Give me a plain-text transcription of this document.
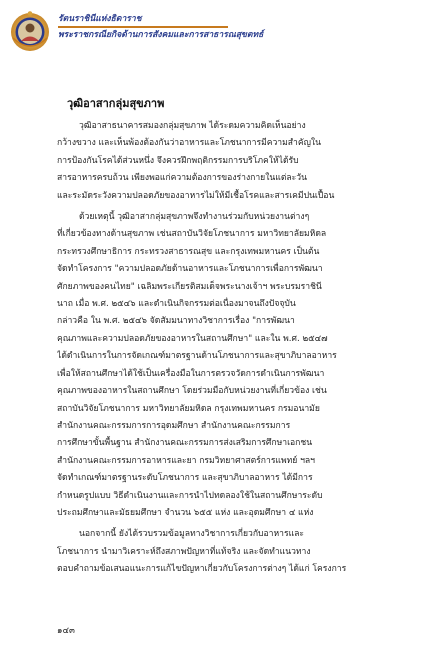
รัตนราชินีแห่งธิดาราช
พระราชกรณียกิจด้านการสังคมและการสาธารณสุขตทธ์
วุฒิอาสากลุ่มสุขภาพ
วุฒิอาสาธนาคารสมองกลุ่มสุขภาพ ได้ระดมความคิดเห็นอย่าง
กว้างขวาง และเห็นพ้องต้องกันว่าอาหารและโภชนาการมีความสำคัญใน
การป้องกันโรคได้ส่วนหนึ่ง จึงควรฝึกพฤติกรรมการบริโภคให้ได้รับ
สารอาหารครบถ้วน เพียงพอแก่ความต้องการของร่างกายในแต่ละวัน
และระมัดระวังความปลอดภัยของอาหารไม่ให้มีเชื้อโรคและสารเคมีปนเปื้อน
ด้วยเหตุนี้ วุฒิอาสากลุ่มสุขภาพจึงทำงานร่วมกับหน่วยงานต่างๆ
ที่เกี่ยวข้องทางด้านสุขภาพ เช่นสถาบันวิจัยโภชนาการ มหาวิทยาลัยมหิดล
กระทรวงศึกษาธิการ กระทรวงสาธารณสุข และกรุงเทพมหานคร เป็นต้น
จัดทำโครงการ "ความปลอดภัยด้านอาหารและโภชนาการเพื่อการพัฒนา
ศักยภาพของคนไทย" เฉลิมพระเกียรติสมเด็จพระนางเจ้าฯ พระบรมราชินี
นาถ เมื่อ พ.ศ. ๒๕๔๖ และดำเนินกิจกรรมต่อเนื่องมาจนถึงปัจจุบัน
กล่าวคือ ใน พ.ศ. ๒๕๔๖ จัดสัมมนาทางวิชาการเรื่อง "การพัฒนา
คุณภาพและความปลอดภัยของอาหารในสถานศึกษา" และใน พ.ศ. ๒๕๔๗
ได้ดำเนินการในการจัดเกณฑ์มาตรฐานด้านโภชนาการและสุขาภิบาลอาหาร
เพื่อให้สถานศึกษาได้ใช้เป็นเครื่องมือในการตรวจวัดการดำเนินการพัฒนา
คุณภาพของอาหารในสถานศึกษา โดยร่วมมือกับหน่วยงานที่เกี่ยวข้อง เช่น
สถาบันวิจัยโภชนาการ มหาวิทยาลัยมหิดล กรุงเทพมหานคร กรมอนามัย
สำนักงานคณะกรรมการการอุดมศึกษา สำนักงานคณะกรรมการ
การศึกษาขั้นพื้นฐาน สำนักงานคณะกรรมการส่งเสริมการศึกษาเอกชน
สำนักงานคณะกรรมการอาหารและยา กรมวิทยาศาสตร์การแพทย์ ฯลฯ
จัดทำเกณฑ์มาตรฐานระดับโภชนาการ และสุขาภิบาลอาหาร ได้มีการ
กำหนดรูปแบบ วิธีดำเนินงานและการนำไปทดลองใช้ในสถานศึกษาระดับ
ประถมศึกษาและมัธยมศึกษา จำนวน ๖๕๕ แห่ง และอุดมศึกษา ๔ แห่ง
นอกจากนี้ ยังได้รวบรวมข้อมูลทางวิชาการเกี่ยวกับอาหารและ
โภชนาการ นำมาวิเคราะห์ถึงสภาพปัญหาที่แท้จริง และจัดทำแนวทาง
ตอบคำถามข้อเสนอแนะการแก้ไขปัญหาเกี่ยวกับโครงการต่างๆ ได้แก่ โครงการ
๑๔๓
